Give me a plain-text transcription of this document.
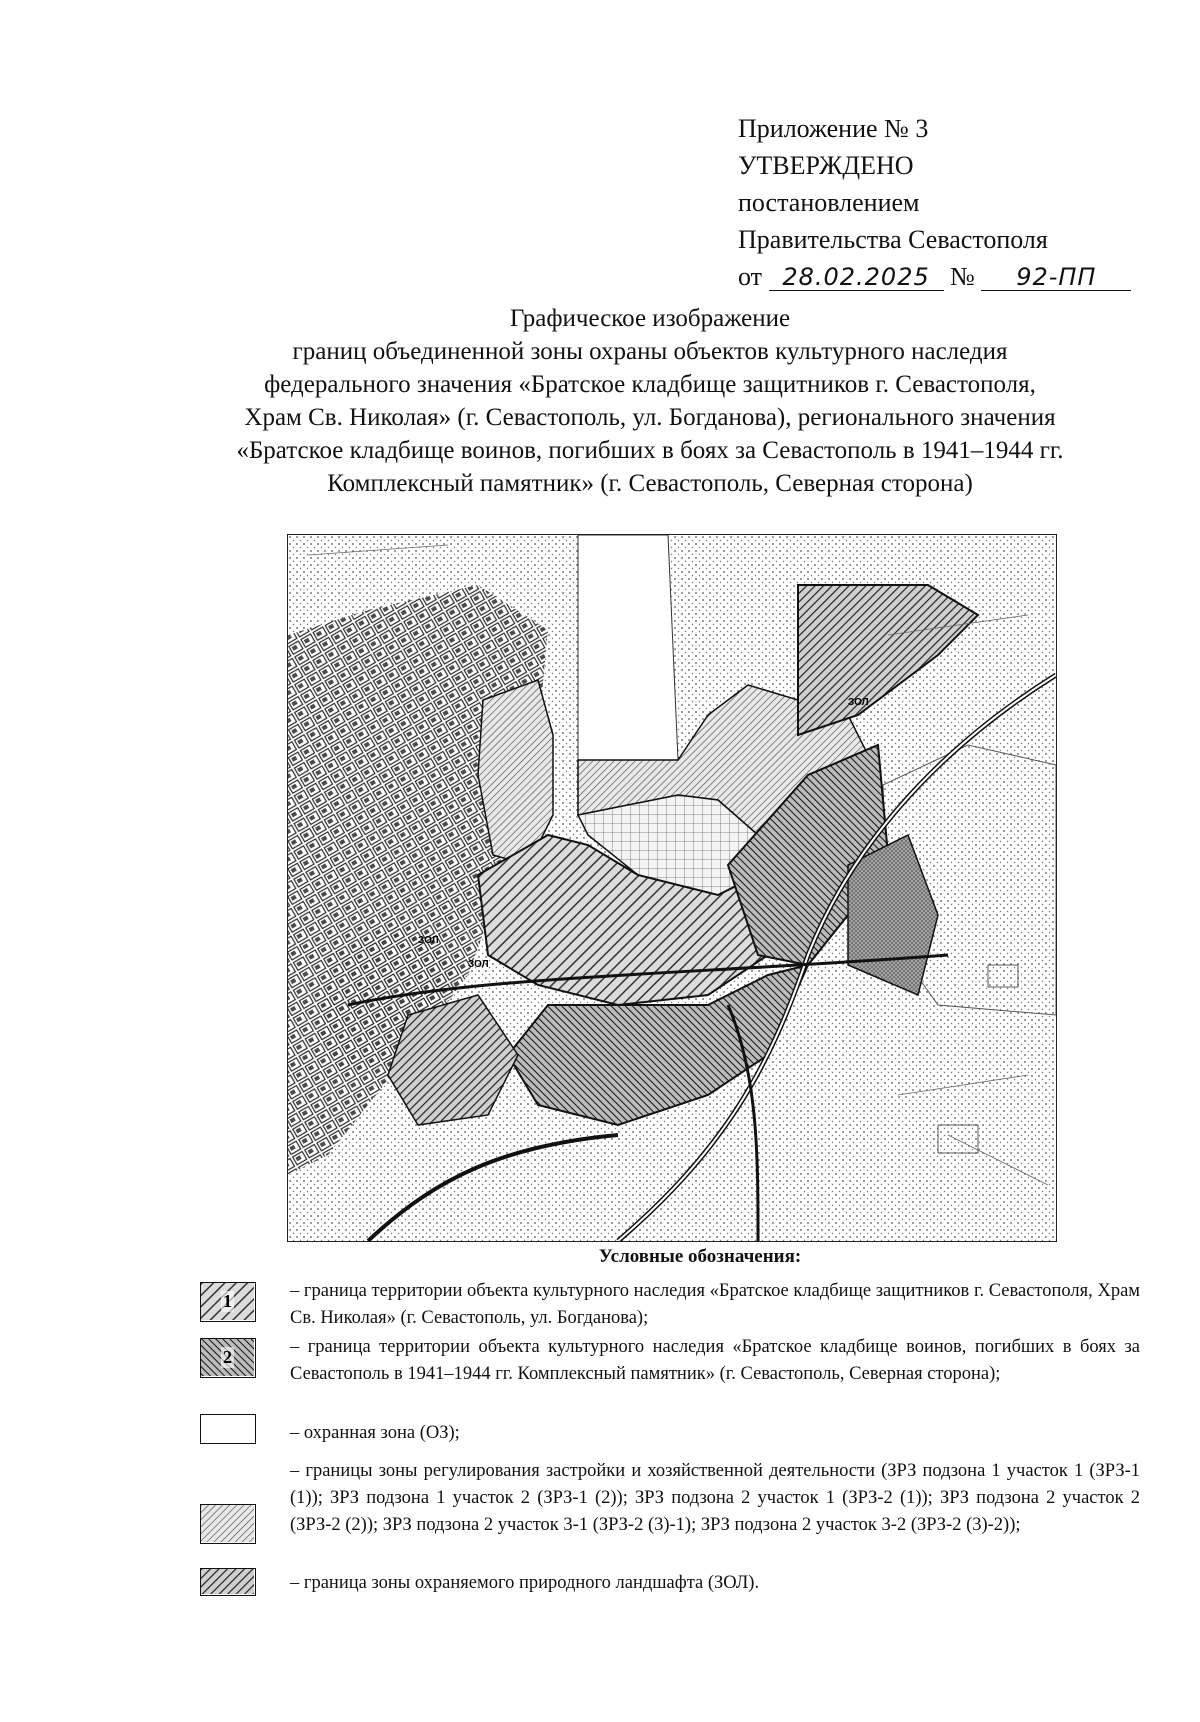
Приложение № 3
УТВЕРЖДЕНО
постановлением
Правительства Севастополя
от 28.02.2025 № 92-ПП
Графическое изображение
границ объединенной зоны охраны объектов культурного наследия
федерального значения «Братское кладбище защитников г. Севастополя,
Храм Св. Николая» (г. Севастополь, ул. Богданова), регионального значения
«Братское кладбище воинов, погибших в боях за Севастополь в 1941–1944 гг.
Комплексный памятник» (г. Севастополь, Северная сторона)
ЗОЛ
ЗОЛ
ЗОЛ
Условные обозначения:
1	– граница территории объекта культурного наследия «Братское кладбище защитников г. Севастополя, Храм Св. Николая» (г. Севастополь, ул. Богданова);
2	– граница территории объекта культурного наследия «Братское кладбище воинов, погибших в боях за Севастополь в 1941–1944 гг. Комплексный памятник» (г. Севастополь, Северная сторона);
– охранная зона (ОЗ);
– границы зоны регулирования застройки и хозяйственной деятельности (ЗРЗ подзона 1 участок 1 (ЗРЗ-1 (1)); ЗРЗ подзона 1 участок 2 (ЗРЗ-1 (2)); ЗРЗ подзона 2 участок 1 (ЗРЗ-2 (1)); ЗРЗ подзона 2 участок 2 (ЗРЗ-2 (2)); ЗРЗ подзона 2 участок 3-1 (ЗРЗ-2 (3)-1); ЗРЗ подзона 2 участок 3-2 (ЗРЗ-2 (3)-2));
– граница зоны охраняемого природного ландшафта (ЗОЛ).
